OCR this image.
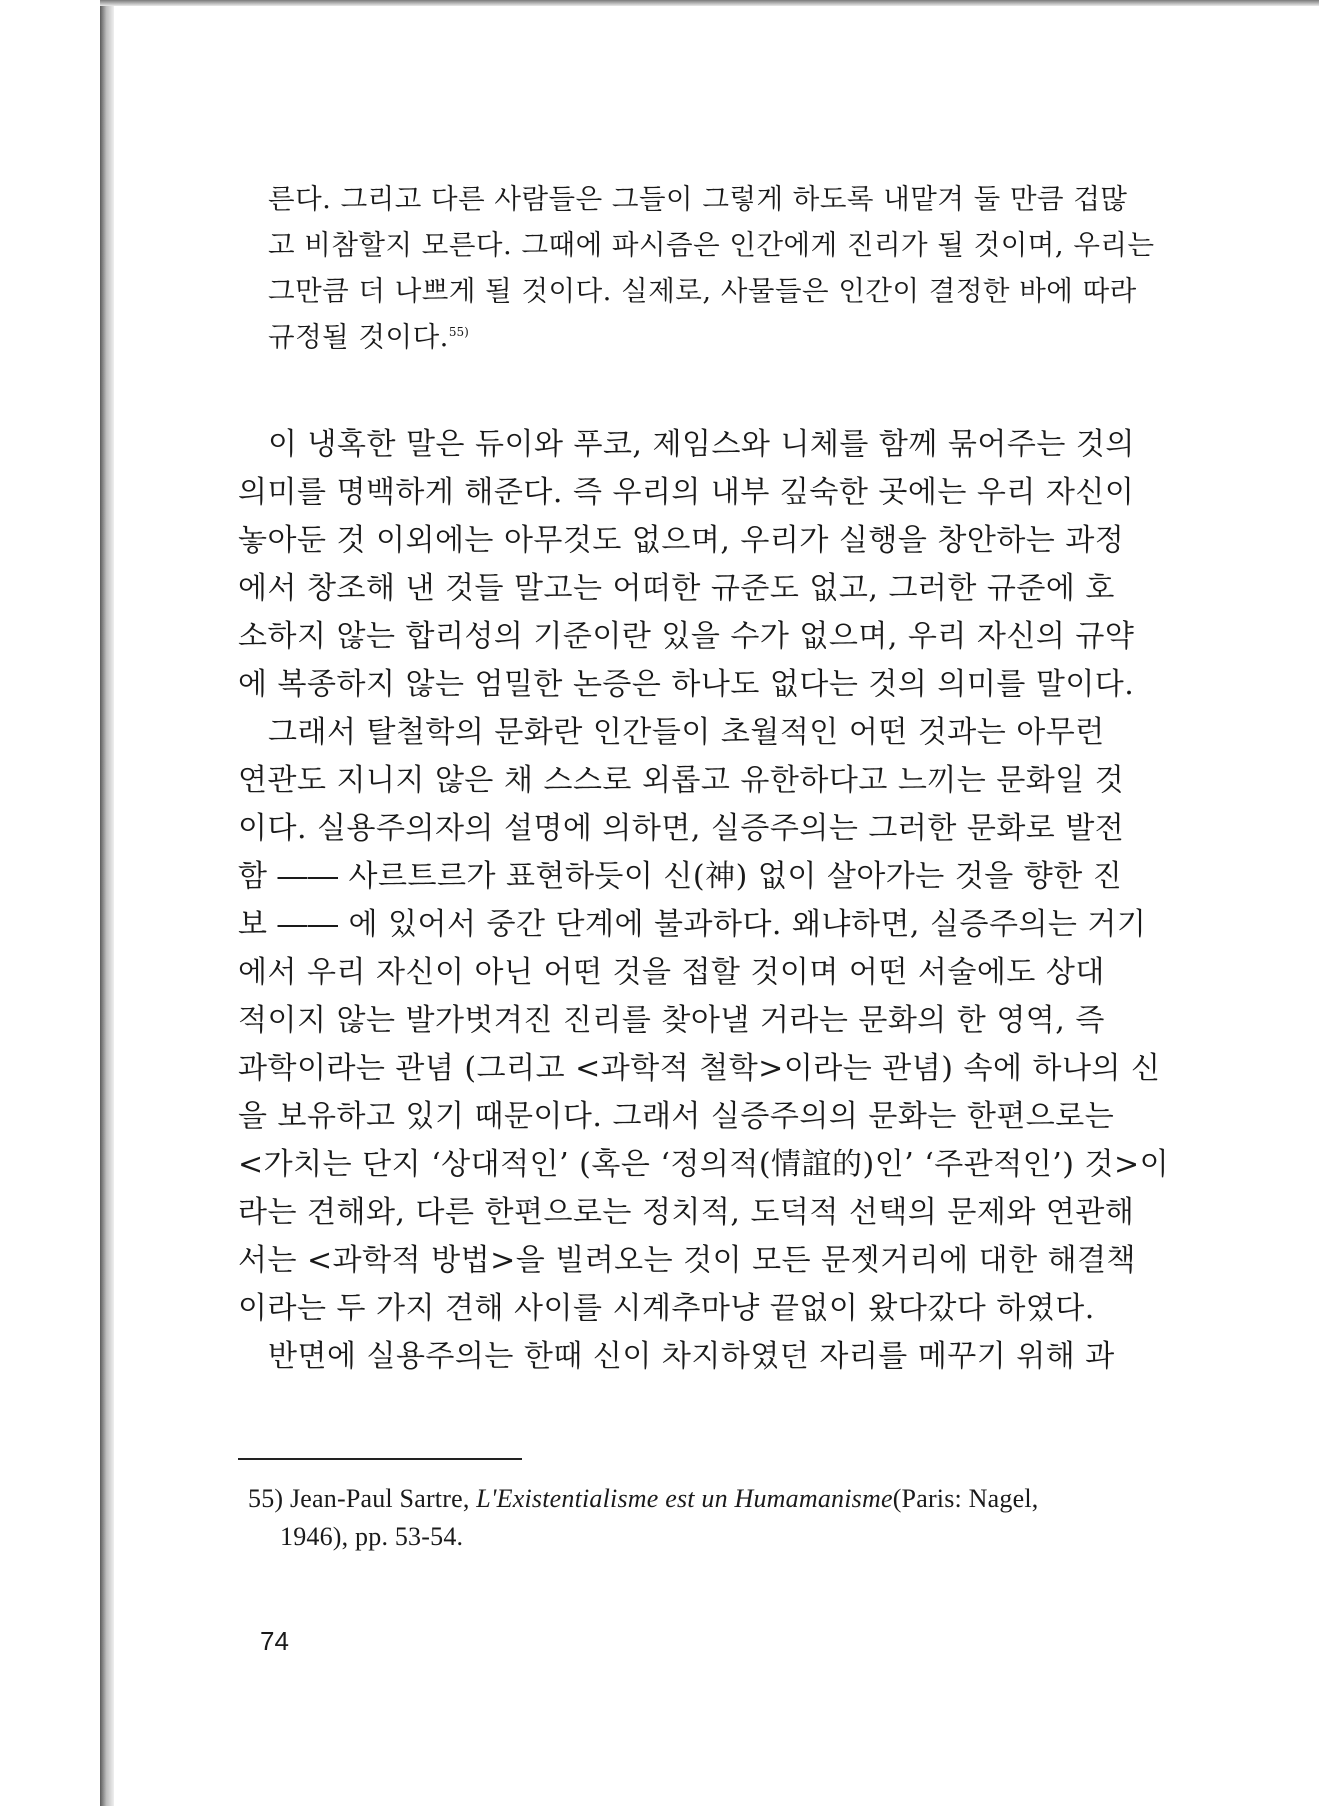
른다. 그리고 다른 사람들은 그들이 그렇게 하도록 내맡겨 둘 만큼 겁많
고 비참할지 모른다. 그때에 파시즘은 인간에게 진리가 될 것이며, 우리는
그만큼 더 나쁘게 될 것이다. 실제로, 사물들은 인간이 결정한 바에 따라
규정될 것이다.$^{55)}$
이 냉혹한 말은 듀이와 푸코, 제임스와 니체를 함께 묶어주는 것의
의미를 명백하게 해준다. 즉 우리의 내부 깊숙한 곳에는 우리 자신이
놓아둔 것 이외에는 아무것도 없으며, 우리가 실행을 창안하는 과정
에서 창조해 낸 것들 말고는 어떠한 규준도 없고, 그러한 규준에 호
소하지 않는 합리성의 기준이란 있을 수가 없으며, 우리 자신의 규약
에 복종하지 않는 엄밀한 논증은 하나도 없다는 것의 의미를 말이다.
그래서 탈철학의 문화란 인간들이 초월적인 어떤 것과는 아무런
연관도 지니지 않은 채 스스로 외롭고 유한하다고 느끼는 문화일 것
이다. 실용주의자의 설명에 의하면, 실증주의는 그러한 문화로 발전
함 ―― 사르트르가 표현하듯이 신(神) 없이 살아가는 것을 향한 진
보 ―― 에 있어서 중간 단계에 불과하다. 왜냐하면, 실증주의는 거기
에서 우리 자신이 아닌 어떤 것을 접할 것이며 어떤 서술에도 상대
적이지 않는 발가벗겨진 진리를 찾아낼 거라는 문화의 한 영역, 즉
과학이라는 관념 (그리고 <과학적 철학>이라는 관념) 속에 하나의 신
을 보유하고 있기 때문이다. 그래서 실증주의의 문화는 한편으로는
<가치는 단지 ‘상대적인’ (혹은 ‘정의적(情誼的)인’ ‘주관적인’) 것>이
라는 견해와, 다른 한편으로는 정치적, 도덕적 선택의 문제와 연관해
서는 <과학적 방법>을 빌려오는 것이 모든 문젯거리에 대한 해결책
이라는 두 가지 견해 사이를 시계추마냥 끝없이 왔다갔다 하였다.
반면에 실용주의는 한때 신이 차지하였던 자리를 메꾸기 위해 과
55) Jean-Paul Sartre, L'Existentialisme est un Humamanisme(Paris: Nagel,
1946), pp. 53-54.
74
